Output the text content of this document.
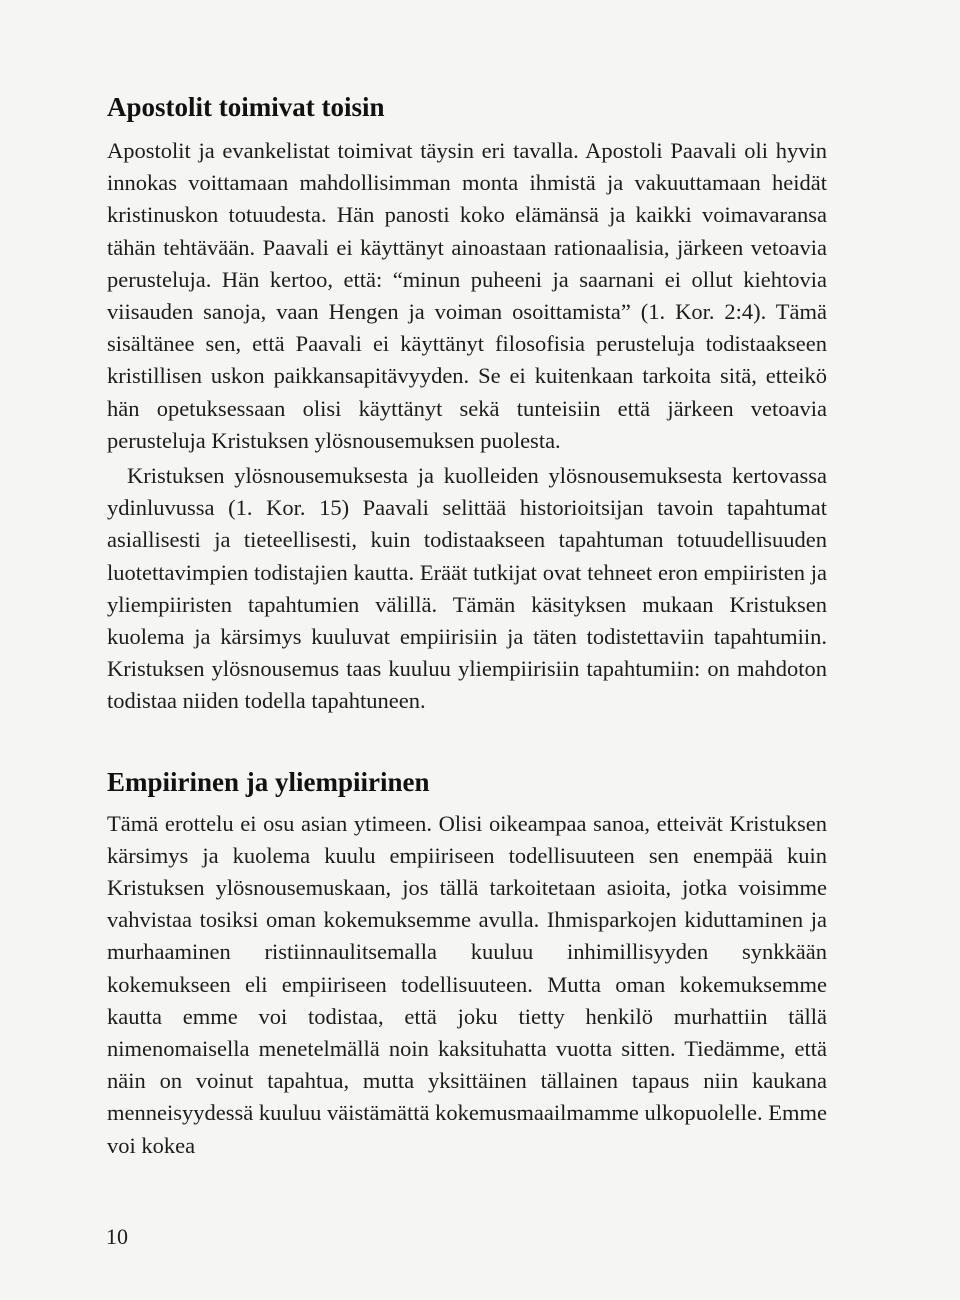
Apostolit toimivat toisin

Apostolit ja evankelistat toimivat täysin eri tavalla. Apostoli Paavali oli hyvin innokas voittamaan mahdollisimman monta ihmistä ja vakuuttamaan heidät kristinuskon totuudesta. Hän panosti koko elämänsä ja kaikki voimavaransa tähän tehtävään. Paavali ei käyttänyt ainoastaan rationaalisia, järkeen vetoavia perusteluja. Hän kertoo, että: “minun puheeni ja saarnani ei ollut kiehtovia viisauden sanoja, vaan Hengen ja voiman osoittamista” (1. Kor. 2:4). Tämä sisältänee sen, että Paavali ei käyttänyt filosofisia perusteluja todistaakseen kristillisen uskon paikkansapitävyyden. Se ei kuitenkaan tarkoita sitä, etteikö hän opetuksessaan olisi käyttänyt sekä tunteisiin että järkeen vetoavia perusteluja Kristuksen ylösnousemuksen puolesta.

Kristuksen ylösnousemuksesta ja kuolleiden ylösnousemuksesta kertovassa ydinluvussa (1. Kor. 15) Paavali selittää historioitsijan tavoin tapahtumat asiallisesti ja tieteellisesti, kuin todistaakseen tapahtuman totuudellisuuden luotettavimpien todistajien kautta. Eräät tutkijat ovat tehneet eron empiiristen ja yliempiiristen tapahtumien välillä. Tämän käsityksen mukaan Kristuksen kuolema ja kärsimys kuuluvat empiirisiin ja täten todistettaviin tapahtumiin. Kristuksen ylösnousemus taas kuuluu yliempiirisiin tapahtumiin: on mahdoton todistaa niiden todella tapahtuneen.

Empiirinen ja yliempiirinen

Tämä erottelu ei osu asian ytimeen. Olisi oikeampaa sanoa, etteivät Kristuksen kärsimys ja kuolema kuulu empiiriseen todellisuuteen sen enempää kuin Kristuksen ylösnousemuskaan, jos tällä tarkoitetaan asioita, jotka voisimme vahvistaa tosiksi oman kokemuksemme avulla. Ihmisparkojen kiduttaminen ja murhaaminen ristiinnaulitsemalla kuuluu inhimillisyyden synkkään kokemukseen eli empiiriseen todellisuuteen. Mutta oman kokemuksemme kautta emme voi todistaa, että joku tietty henkilö murhattiin tällä nimenomaisella menetelmällä noin kaksituhatta vuotta sitten. Tiedämme, että näin on voinut tapahtua, mutta yksittäinen tällainen tapaus niin kaukana menneisyydessä kuuluu väistämättä kokemusmaailmamme ulkopuolelle. Emme voi kokea

10
